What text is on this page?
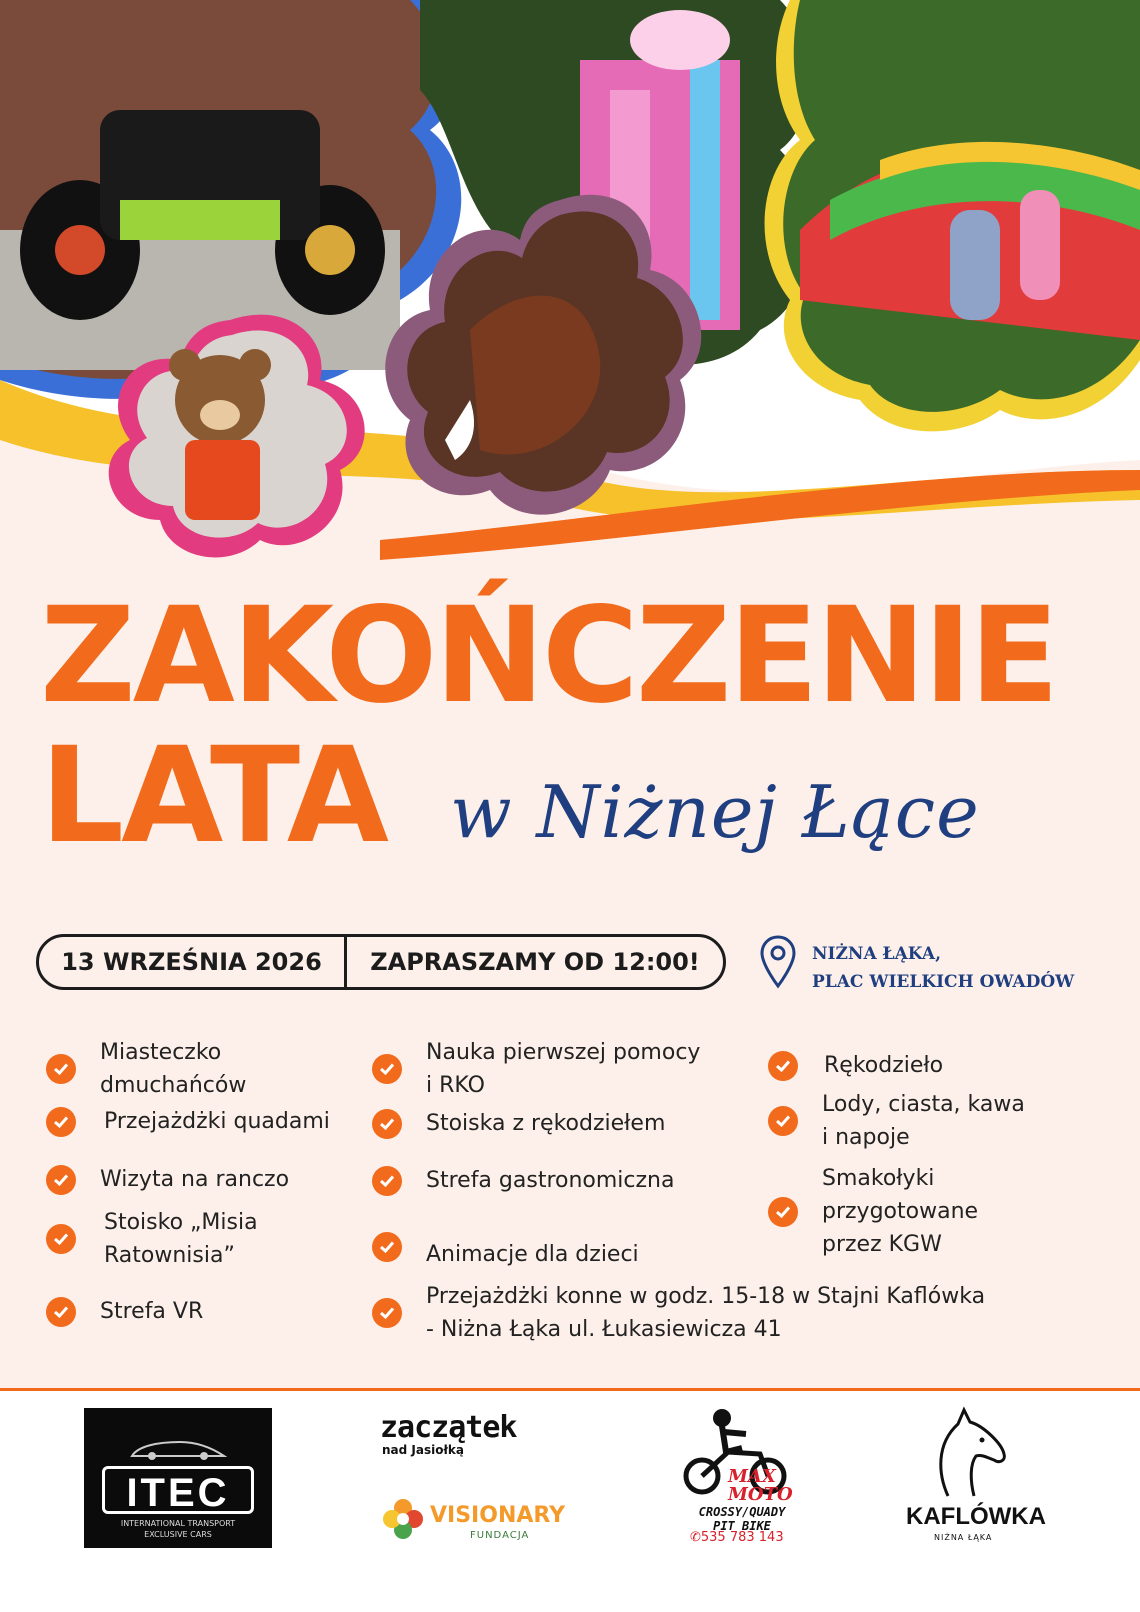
ZAKOŃCZENIE
LATA w Niżnej Łące
13 WRZEŚNIA 2026	ZAPRASZAMY OD 12:00!	NIŻNA ŁĄKA,
PLAC WIELKICH OWADÓW
Miasteczko
dmuchańców
Przejażdżki quadami
Wizyta na ranczo
Stoisko „Misia
Ratownisia”
Strefa VR
Nauka pierwszej pomocy
i RKO
Stoiska z rękodziełem
Strefa gastronomiczna
Animacje dla dzieci
Przejażdżki konne w godz. 15-18 w Stajni Kaflówka
- Niżna Łąka ul. Łukasiewicza 41
Rękodzieło
Lody, ciasta, kawa
i napoje
Smakołyki
przygotowane
przez KGW
ITEC
INTERNATIONAL TRANSPORT
EXCLUSIVE CARS
zaczątek
nad Jasiołką
VISIONARY
FUNDACJA
MAX
MOTO
CROSSY/QUADY
PIT BIKE
✆535 783 143
KAFLÓWKA
NIŻNA ŁĄKA
